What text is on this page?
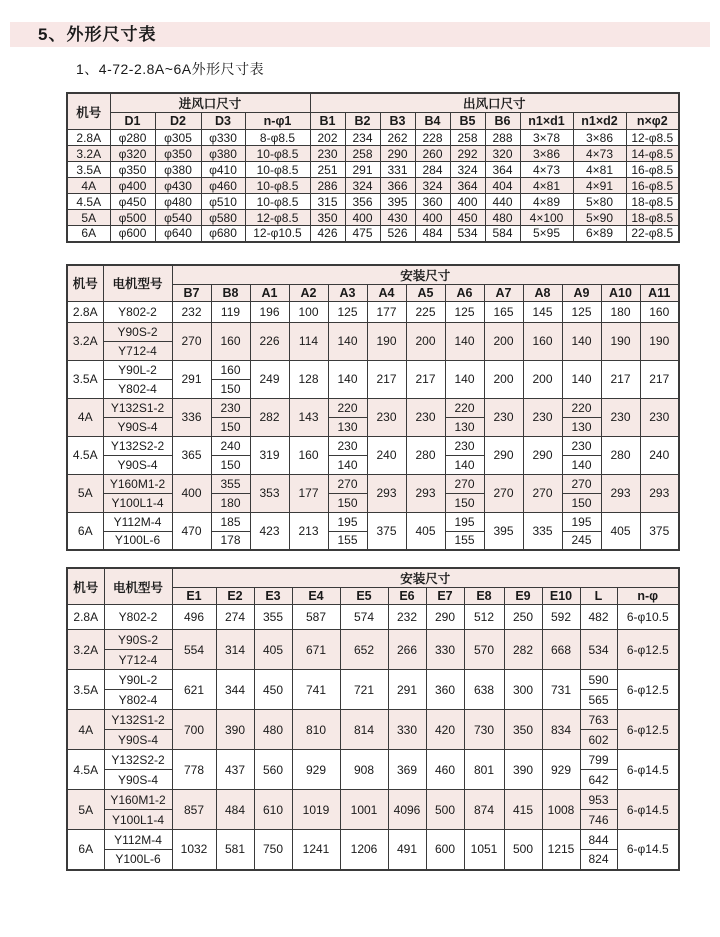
5、外形尺寸表
1、4-72-2.8A~6A外形尺寸表
机号	进风口尺寸				出风口尺寸								
	D1	D2	D3	n-φ1	B1	B2	B3	B4	B5	B6	n1×d1	n1×d2	n×φ2
2.8A	φ280	φ305	φ330	8-φ8.5	202	234	262	228	258	288	3×78	3×86	12-φ8.5
3.2A	φ320	φ350	φ380	10-φ8.5	230	258	290	260	292	320	3×86	4×73	14-φ8.5
3.5A	φ350	φ380	φ410	10-φ8.5	251	291	331	284	324	364	4×73	4×81	16-φ8.5
4A	φ400	φ430	φ460	10-φ8.5	286	324	366	324	364	404	4×81	4×91	16-φ8.5
4.5A	φ450	φ480	φ510	10-φ8.5	315	356	395	360	400	440	4×89	5×80	18-φ8.5
5A	φ500	φ540	φ580	12-φ8.5	350	400	430	400	450	480	4×100	5×90	18-φ8.5
6A	φ600	φ640	φ680	12-φ10.5	426	475	526	484	534	584	5×95	6×89	22-φ8.5
机号	电机型号	安装尺寸												
		B7	B8	A1	A2	A3	A4	A5	A6	A7	A8	A9	A10	A11
2.8A	Y802-2	232	119	196	100	125	177	225	125	165	145	125	180	160
3.2A	Y90S-2	270	160	226	114	140	190	200	140	200	160	140	190	190
	Y712-4													
3.5A	Y90L-2	291	160	249	128	140	217	217	140	200	200	140	217	217
	Y802-4		150											
4A	Y132S1-2	336	230	282	143	220	230	230	220	230	230	220	230	230
	Y90S-4		150			130			130			130		
4.5A	Y132S2-2	365	240	319	160	230	240	280	230	290	290	230	280	240
	Y90S-4		150			140			140			140		
5A	Y160M1-2	400	355	353	177	270	293	293	270	270	270	270	293	293
	Y100L1-4		180			150			150			150		
6A	Y112M-4	470	185	423	213	195	375	405	195	395	335	195	405	375
	Y100L-6		178			155			155			245		
机号	电机型号	安装尺寸											
		E1	E2	E3	E4	E5	E6	E7	E8	E9	E10	L	n-φ
2.8A	Y802-2	496	274	355	587	574	232	290	512	250	592	482	6-φ10.5
3.2A	Y90S-2	554	314	405	671	652	266	330	570	282	668	534	6-φ12.5
	Y712-4												
3.5A	Y90L-2	621	344	450	741	721	291	360	638	300	731	590	6-φ12.5
	Y802-4											565	
4A	Y132S1-2	700	390	480	810	814	330	420	730	350	834	763	6-φ12.5
	Y90S-4											602	
4.5A	Y132S2-2	778	437	560	929	908	369	460	801	390	929	799	6-φ14.5
	Y90S-4											642	
5A	Y160M1-2	857	484	610	1019	1001	4096	500	874	415	1008	953	6-φ14.5
	Y100L1-4											746	
6A	Y112M-4	1032	581	750	1241	1206	491	600	1051	500	1215	844	6-φ14.5
	Y100L-6											824	
